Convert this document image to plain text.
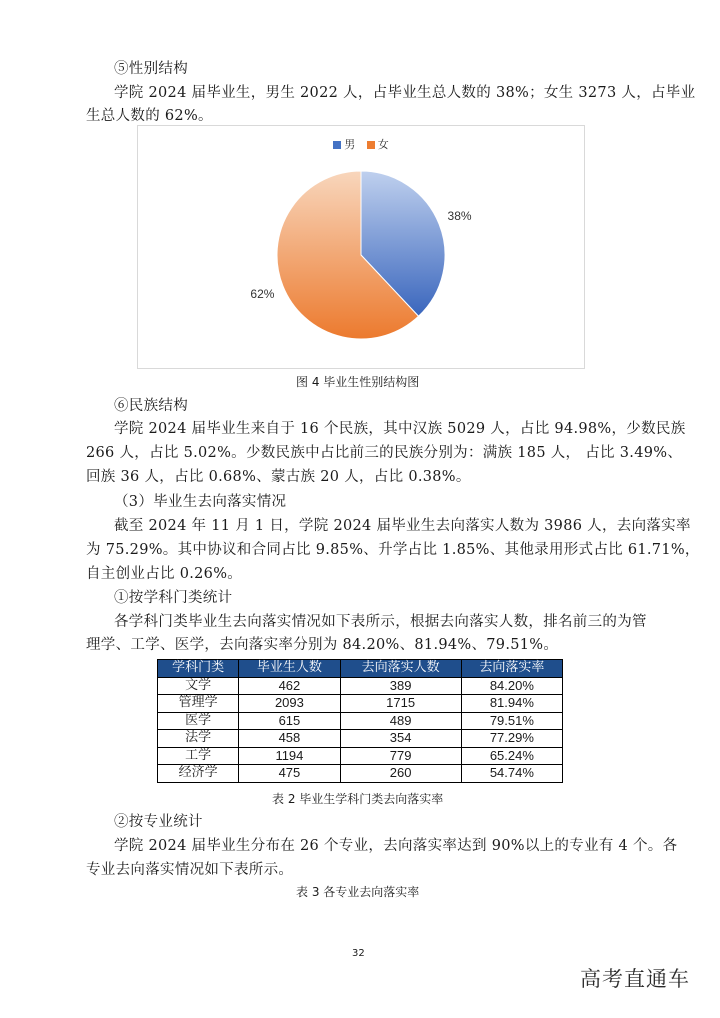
⑤性别结构
学院 2024 届毕业生，男生 2022 人，占毕业生总人数的 38%；女生 3273 人，占毕业
生总人数的 62%。
男 女
38%
62%
图 4 毕业生性别结构图
⑥民族结构
学院 2024 届毕业生来自于 16 个民族，其中汉族 5029 人，占比 94.98%，少数民族
266 人，占比 5.02%。少数民族中占比前三的民族分别为：满族 185 人， 占比 3.49%、
回族 36 人，占比 0.68%、蒙古族 20 人，占比 0.38%。
（3）毕业生去向落实情况
截至 2024 年 11 月 1 日，学院 2024 届毕业生去向落实人数为 3986 人，去向落实率
为 75.29%。其中协议和合同占比 9.85%、升学占比 1.85%、其他录用形式占比 61.71%，
自主创业占比 0.26%。
①按学科门类统计
各学科门类毕业生去向落实情况如下表所示，根据去向落实人数，排名前三的为管
理学、工学、医学，去向落实率分别为 84.20%、81.94%、79.51%。
学科门类	毕业生人数	去向落实人数	去向落实率
文学	462	389	84.20%
管理学	2093	1715	81.94%
医学	615	489	79.51%
法学	458	354	77.29%
工学	1194	779	65.24%
经济学	475	260	54.74%
表 2 毕业生学科门类去向落实率
②按专业统计
学院 2024 届毕业生分布在 26 个专业，去向落实率达到 90%以上的专业有 4 个。各
专业去向落实情况如下表所示。
表 3 各专业去向落实率
32
高考直通车
